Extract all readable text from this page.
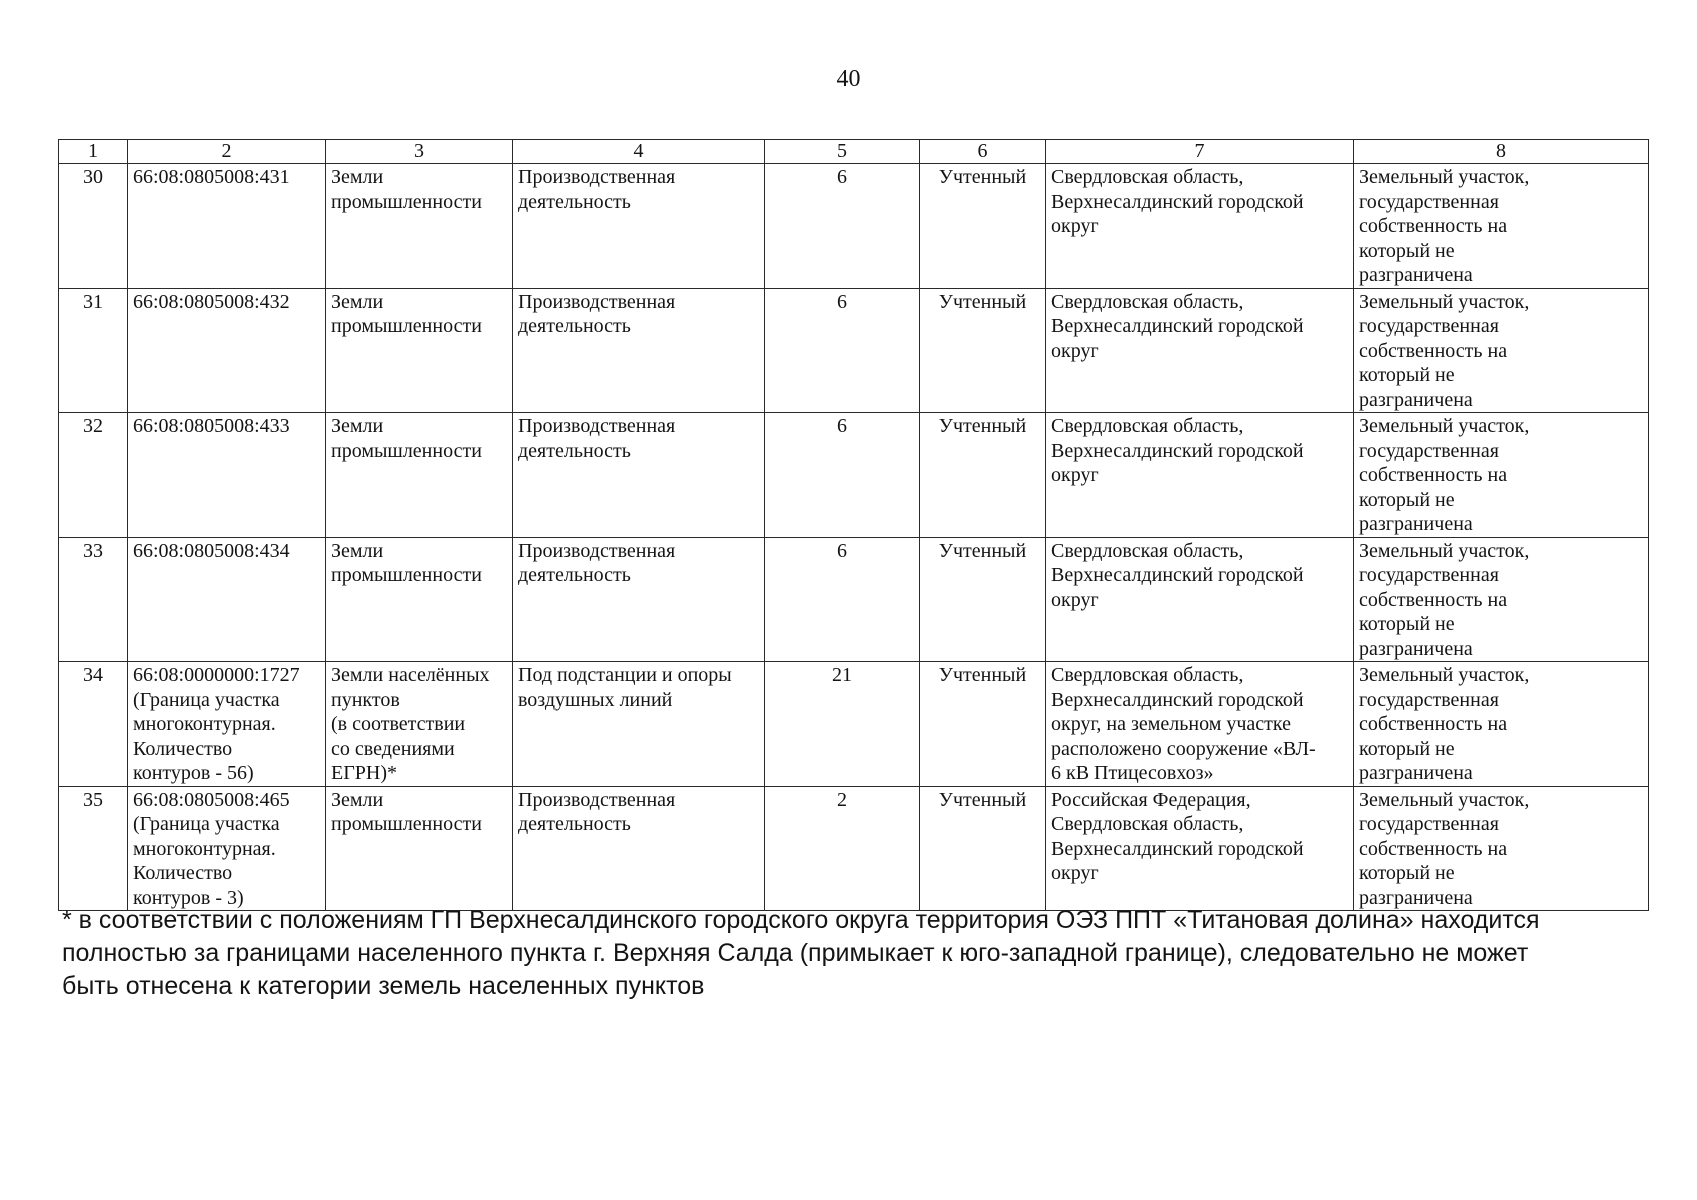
40
1	2	3	4	5	6	7	8
30	66:08:0805008:431	Земли
промышленности	Производственная
деятельность	6	Учтенный	Свердловская область,
Верхнесалдинский городской
округ	Земельный участок,
государственная
собственность на
который не
разграничена

31	66:08:0805008:432	Земли
промышленности	Производственная
деятельность	6	Учтенный	Свердловская область,
Верхнесалдинский городской
округ	Земельный участок,
государственная
собственность на
который не
разграничена

32	66:08:0805008:433	Земли
промышленности	Производственная
деятельность	6	Учтенный	Свердловская область,
Верхнесалдинский городской
округ	Земельный участок,
государственная
собственность на
который не
разграничена

33	66:08:0805008:434	Земли
промышленности	Производственная
деятельность	6	Учтенный	Свердловская область,
Верхнесалдинский городской
округ	Земельный участок,
государственная
собственность на
который не
разграничена

34	66:08:0000000:1727
(Граница участка
многоконтурная.
Количество
контуров - 56)	Земли населённых
пунктов
(в соответствии
со сведениями
ЕГРН)*	Под подстанции и опоры
воздушных линий	21	Учтенный	Свердловская область,
Верхнесалдинский городской
округ, на земельном участке
расположено сооружение «ВЛ-
6 кВ Птицесовхоз»	Земельный участок,
государственная
собственность на
который не
разграничена

35	66:08:0805008:465
(Граница участка
многоконтурная.
Количество
контуров - 3)	Земли
промышленности	Производственная
деятельность	2	Учтенный	Российская Федерация,
Свердловская область,
Верхнесалдинский городской
округ	Земельный участок,
государственная
собственность на
который не
разграничена
* в соответствии с положениям ГП Верхнесалдинского городского округа территория ОЭЗ ППТ «Титановая долина» находится
полностью за границами населенного пункта г. Верхняя Салда (примыкает к юго-западной границе), следовательно не может
быть отнесена к категории земель населенных пунктов
